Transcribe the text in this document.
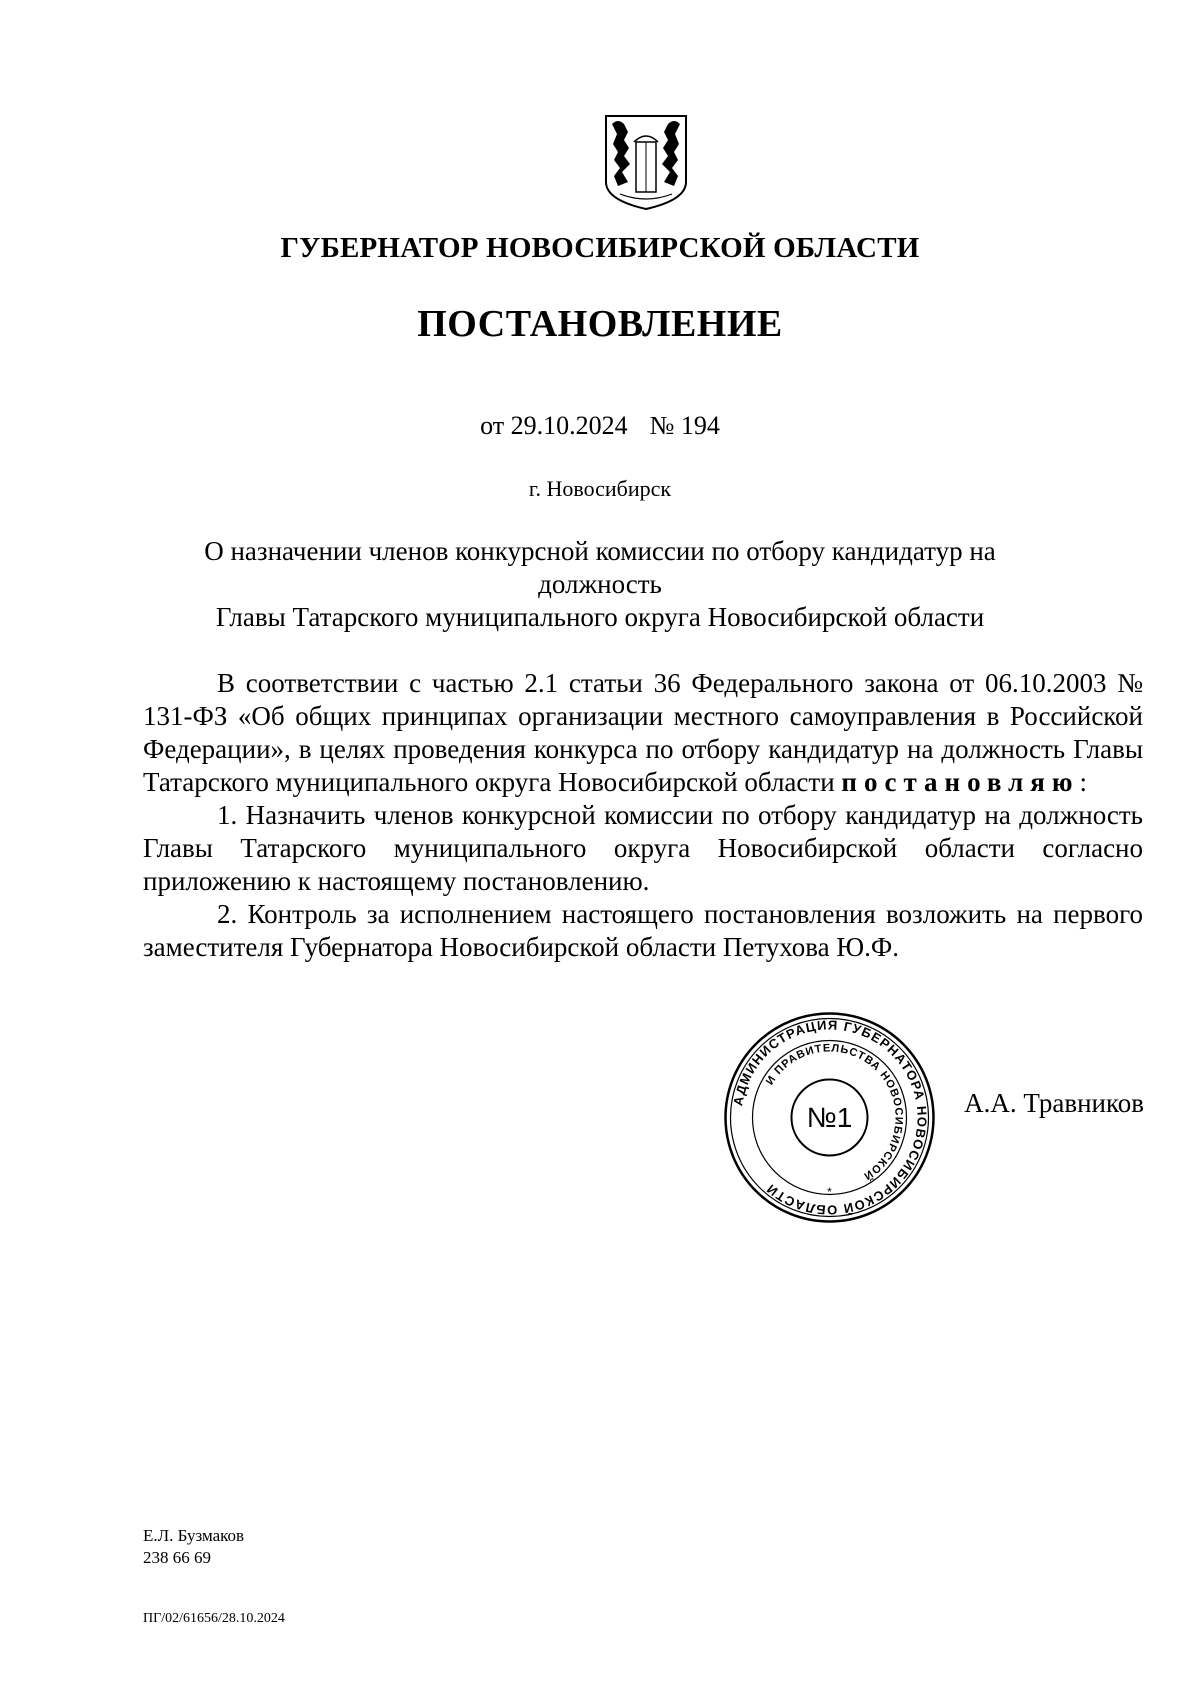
ГУБЕРНАТОР НОВОСИБИРСКОЙ ОБЛАСТИ
ПОСТАНОВЛЕНИЕ
от 29.10.2024 № 194
г. Новосибирск
О назначении членов конкурсной комиссии по отбору кандидатур на должность
Главы Татарского муниципального округа Новосибирской области

В соответствии с частью 2.1 статьи 36 Федерального закона от 06.10.2003 № 131-ФЗ «Об общих принципах организации местного самоуправления в Российской Федерации», в целях проведения конкурса по отбору кандидатур на должность Главы Татарского муниципального округа Новосибирской области постановляю:

1. Назначить членов конкурсной комиссии по отбору кандидатур на должность Главы Татарского муниципального округа Новосибирской области согласно приложению к настоящему постановлению.

2. Контроль за исполнением настоящего постановления возложить на первого заместителя Губернатора Новосибирской области Петухова Ю.Ф.

АДМИНИСТРАЦИЯ ГУБЕРНАТОРА НОВОСИБИРСКОЙ ОБЛАСТИ
И ПРАВИТЕЛЬСТВА НОВОСИБИРСКОЙ
№1
*
А.А. Травников
Е.Л. Бузмаков
238 66 69
ПГ/02/61656/28.10.2024
